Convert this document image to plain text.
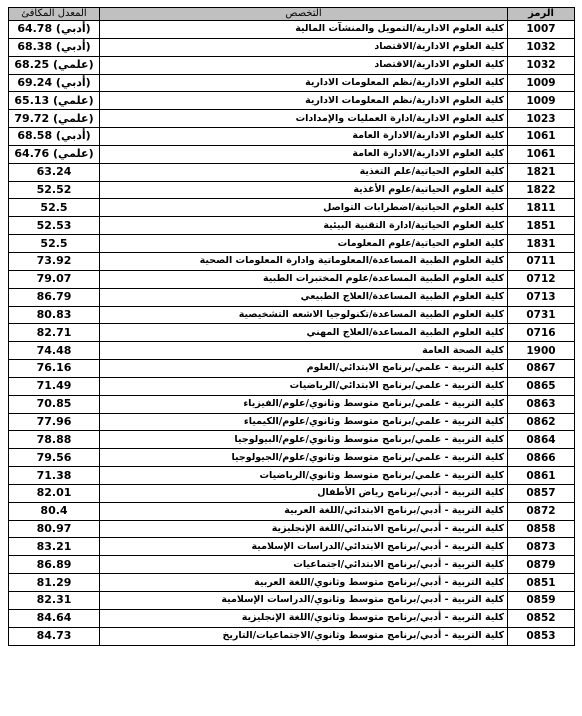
المعدل المكافئ	التخصص	الرمز
64.78 (أدبي)	كلية العلوم الادارية/التمويل والمنشآت المالية	1007
68.38 (أدبي)	كلية العلوم الادارية/الاقتصاد	1032
68.25 (علمي)	كلية العلوم الادارية/الاقتصاد	1032
69.24 (أدبي)	كلية العلوم الادارية/نظم المعلومات الادارية	1009
65.13 (علمي)	كلية العلوم الادارية/نظم المعلومات الادارية	1009
79.72 (علمي)	كلية العلوم الادارية/ادارة العمليات والإمدادات	1023
68.58 (أدبي)	كلية العلوم الادارية/الادارة العامة	1061
64.76 (علمي)	كلية العلوم الادارية/الادارة العامة	1061
63.24	كلية العلوم الحياتية/علم التغذية	1821
52.52	كلية العلوم الحياتية/علوم الأغذية	1822
52.5	كلية العلوم الحياتية/اضطرابات التواصل	1811
52.53	كلية العلوم الحياتية/ادارة التقنية البيئية	1851
52.5	كلية العلوم الحياتية/علوم المعلومات	1831
73.92	كلية العلوم الطبية المساعدة/المعلوماتية وادارة المعلومات الصحية	0711
79.07	كلية العلوم الطبية المساعدة/علوم المختبرات الطبية	0712
86.79	كلية العلوم الطبية المساعدة/العلاج الطبيعي	0713
80.83	كلية العلوم الطبية المساعدة/تكنولوجيا الاشعه التشخيصية	0731
82.71	كلية العلوم الطبية المساعدة/العلاج المهني	0716
74.48	كلية الصحة العامة	1900
76.16	كلية التربية - علمي/برنامج الابتدائي/العلوم	0867
71.49	كلية التربية - علمي/برنامج الابتدائي/الرياضيات	0865
70.85	كلية التربية - علمي/برنامج متوسط وثانوي/علوم/الفيزياء	0863
77.96	كلية التربية - علمي/برنامج متوسط وثانوي/علوم/الكيمياء	0862
78.88	كلية التربية - علمي/برنامج متوسط وثانوي/علوم/البيولوجيا	0864
79.56	كلية التربية - علمي/برنامج متوسط وثانوي/علوم/الجيولوجيا	0866
71.38	كلية التربية - علمي/برنامج متوسط وثانوي/الرياضيات	0861
82.01	كلية التربية - أدبي/برنامج رياض الأطفال	0857
80.4	كلية التربية - أدبي/برنامج الابتدائي/اللغة العربية	0872
80.97	كلية التربية - أدبي/برنامج الابتدائي/اللغة الإنجليزية	0858
83.21	كلية التربية - أدبي/برنامج الابتدائي/الدراسات الإسلامية	0873
86.89	كلية التربية - أدبي/برنامج الابتدائي/اجتماعيات	0879
81.29	كلية التربية - أدبي/برنامج متوسط وثانوي/اللغة العربية	0851
82.31	كلية التربية - أدبي/برنامج متوسط وثانوي/الدراسات الإسلامية	0859
84.64	كلية التربية - أدبي/برنامج متوسط وثانوي/اللغة الإنجليزية	0852
84.73	كلية التربية - أدبي/برنامج متوسط وثانوي/الاجتماعيات/التاريخ	0853
